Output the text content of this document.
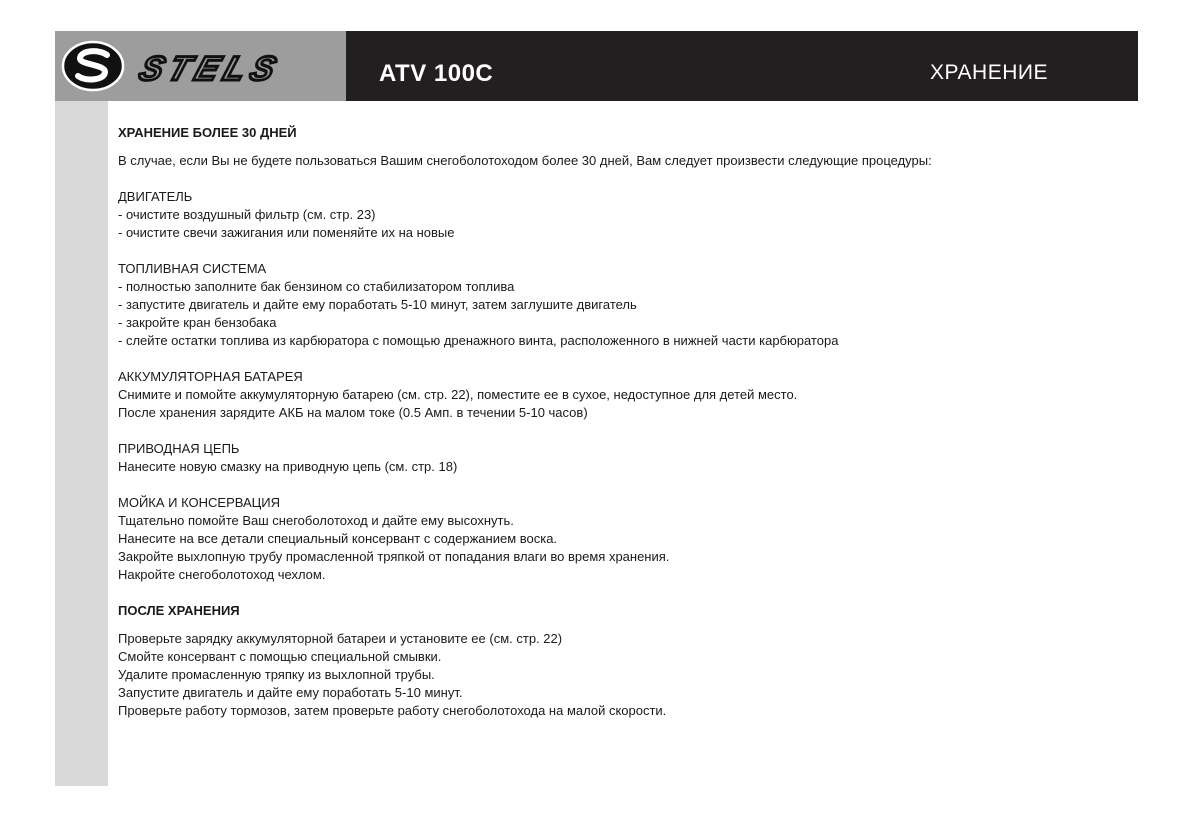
STELS	ATV 100C	ХРАНЕНИЕ

ХРАНЕНИЕ БОЛЕЕ 30 ДНЕЙ

В случае, если Вы не будете пользоваться Вашим снегоболотоходом более 30 дней, Вам следует произвести следующие процедуры:

ДВИГАТЕЛЬ

- очистите воздушный фильтр (см. стр. 23)

- очистите свечи зажигания или поменяйте их на новые

ТОПЛИВНАЯ СИСТЕМА

- полностью заполните бак бензином со стабилизатором топлива

- запустите двигатель и дайте ему поработать 5-10 минут, затем заглушите двигатель

- закройте кран бензобака

- слейте остатки топлива из карбюратора с помощью дренажного винта, расположенного в нижней части карбюратора

АККУМУЛЯТОРНАЯ БАТАРЕЯ

Снимите и помойте аккумуляторную батарею (см. стр. 22), поместите ее в сухое, недоступное для детей место.

После хранения зарядите АКБ на малом токе (0.5 Амп. в течении 5-10 часов)

ПРИВОДНАЯ ЦЕПЬ

Нанесите новую смазку на приводную цепь (см. стр. 18)

МОЙКА И КОНСЕРВАЦИЯ

Тщательно помойте Ваш снегоболотоход и дайте ему высохнуть.

Нанесите на все детали специальный консервант с содержанием воска.

Закройте выхлопную трубу промасленной тряпкой от попадания влаги во время хранения.

Накройте снегоболотоход чехлом.

ПОСЛЕ ХРАНЕНИЯ

Проверьте зарядку аккумуляторной батареи и установите ее (см. стр. 22)

Смойте консервант с помощью специальной смывки.

Удалите промасленную тряпку из выхлопной трубы.

Запустите двигатель и дайте ему поработать 5-10 минут.

Проверьте работу тормозов, затем проверьте работу снегоболотохода на малой скорости.
